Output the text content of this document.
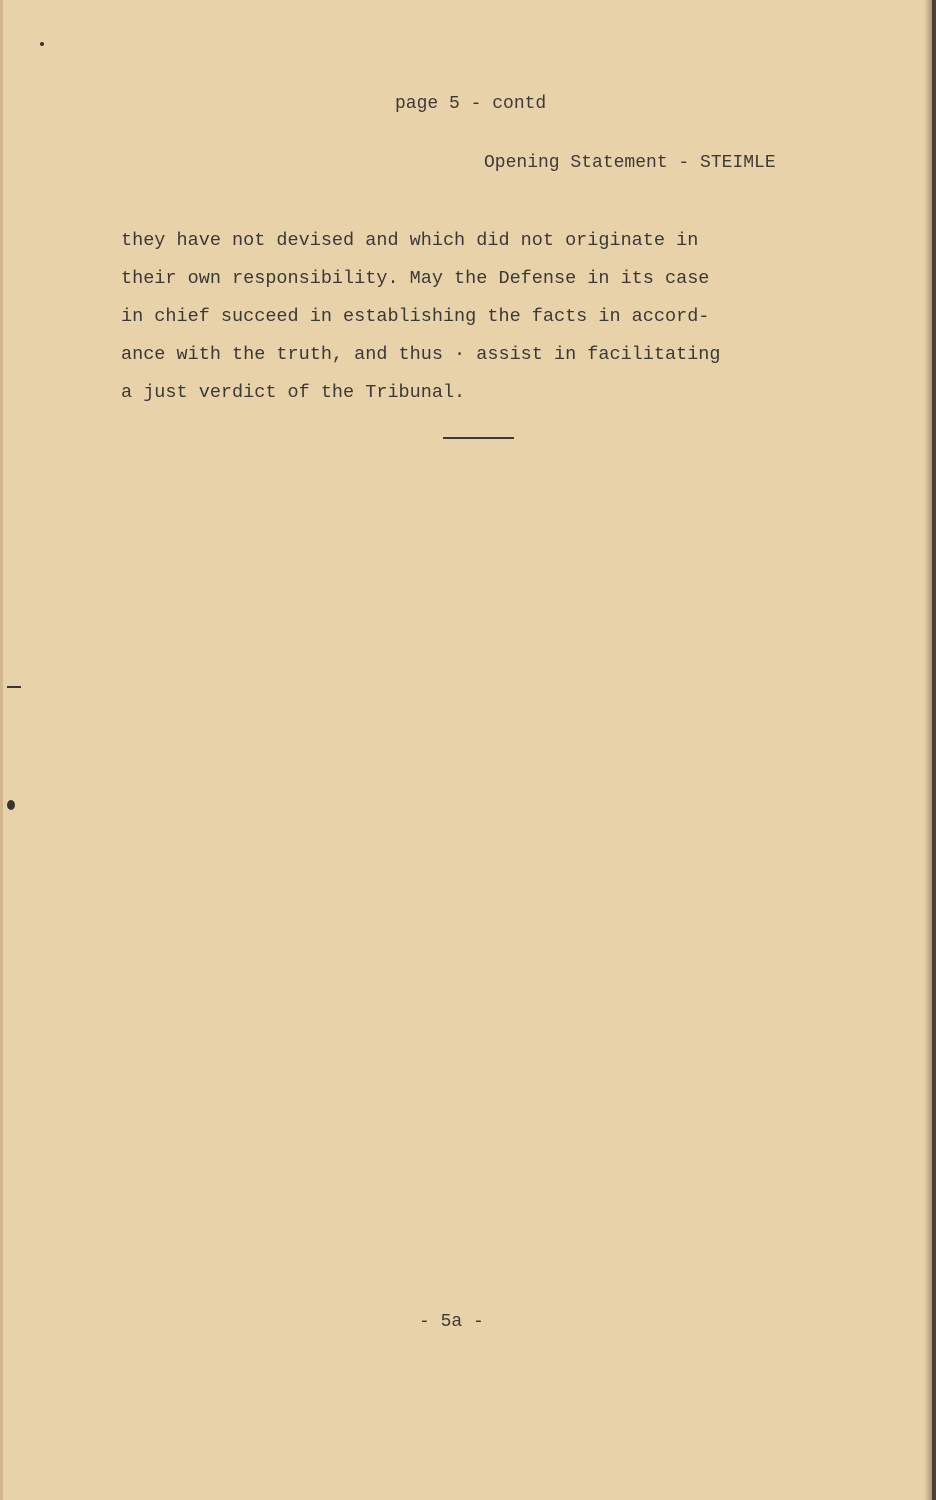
page 5 - contd
Opening Statement - STEIMLE
they have not devised and which did not originate in
their own responsibility. May the Defense in its case
in chief succeed in establishing the facts in accord-
ance with the truth, and thus · assist in facilitating
a just verdict of the Tribunal.
- 5a -
